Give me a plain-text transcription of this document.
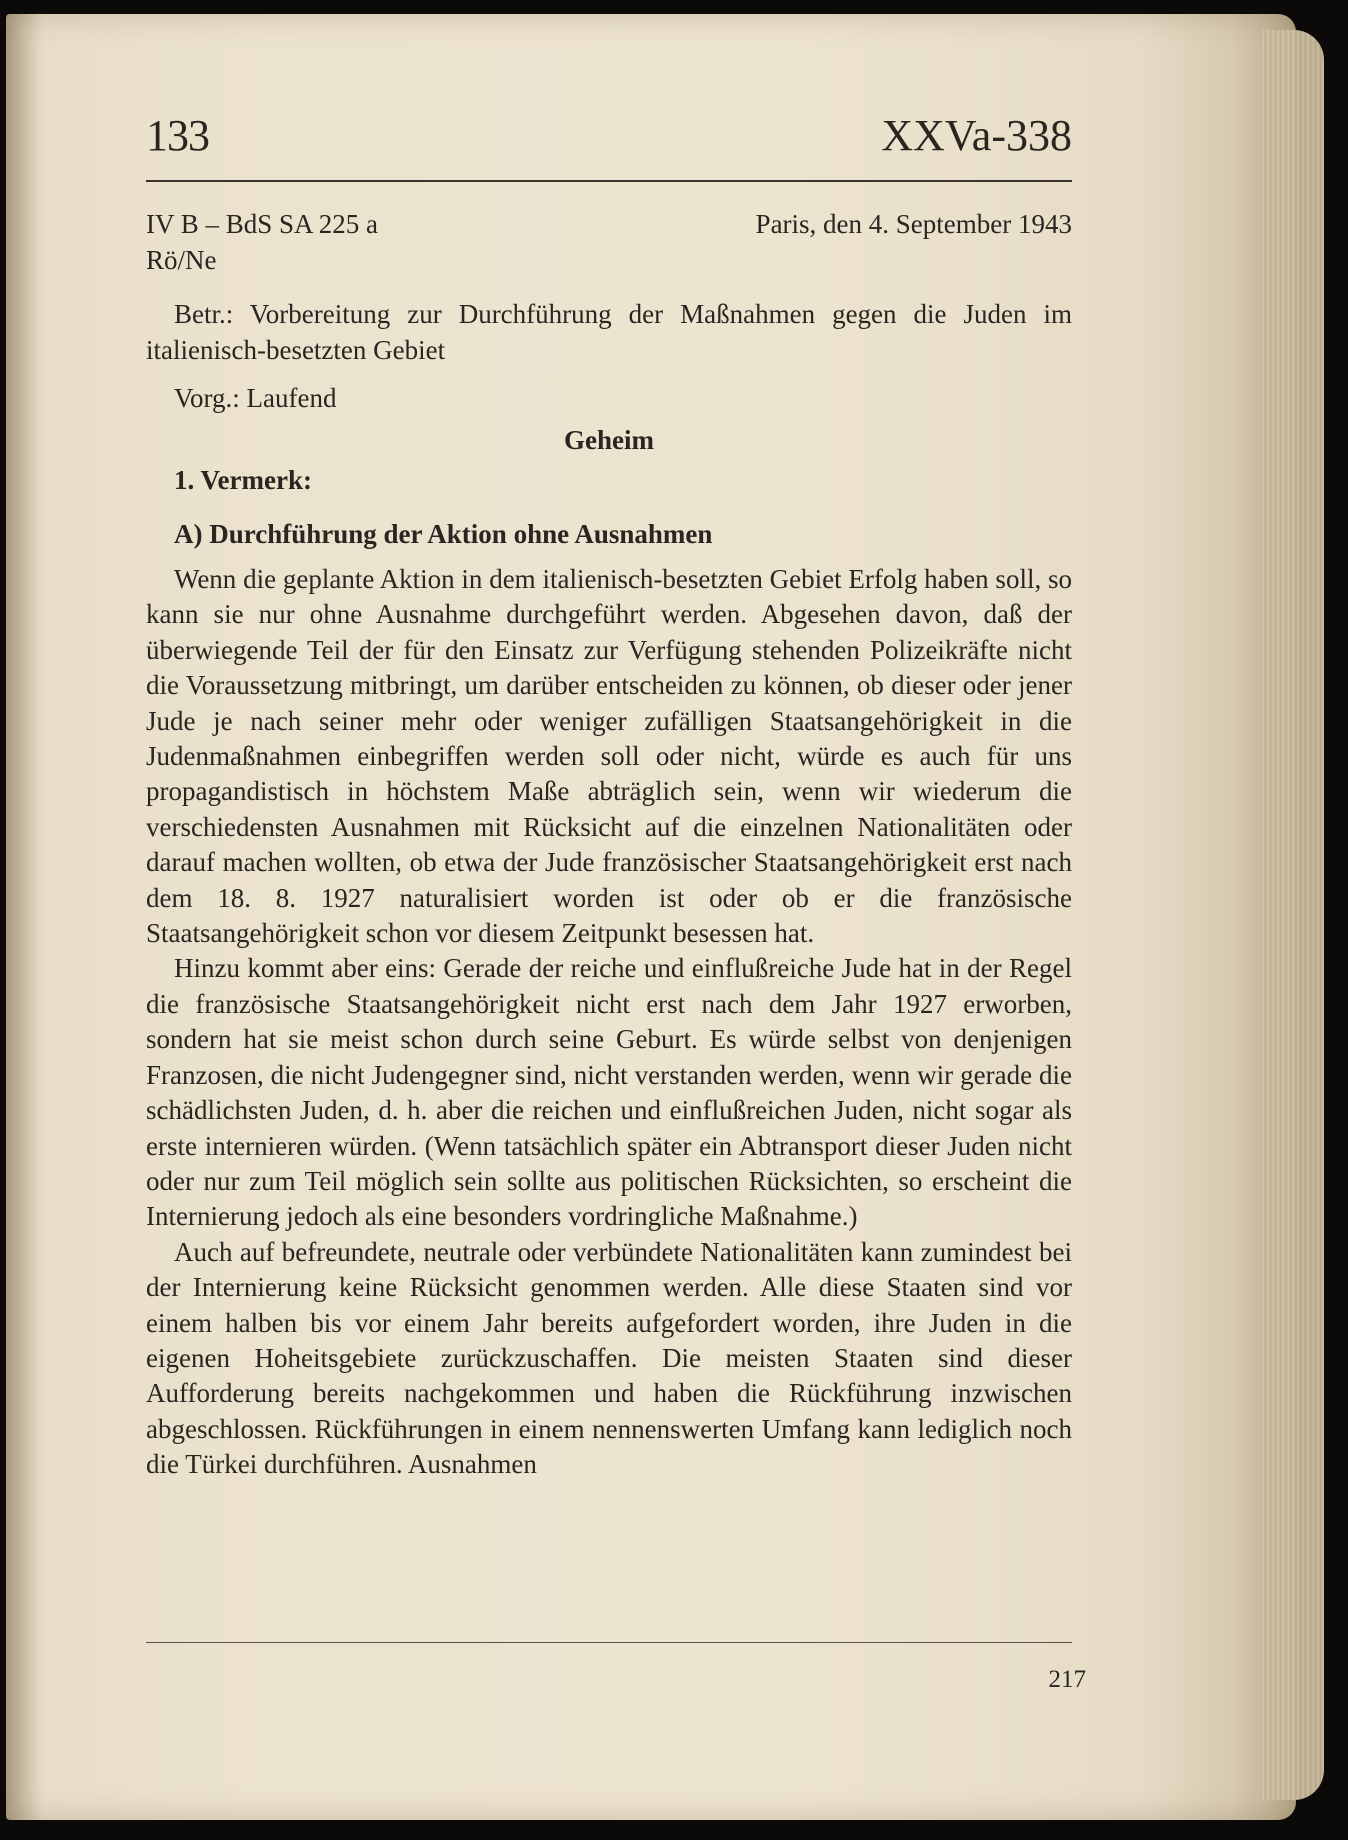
133	XXVa-338
IV B – BdS SA 225 a
Rö/Ne
Paris, den 4. September 1943
Betr.: Vorbereitung zur Durchführung der Maßnahmen gegen die Juden im italienisch-besetzten Gebiet
Vorg.: Laufend
Geheim
1. Vermerk:
A) Durchführung der Aktion ohne Ausnahmen

Wenn die geplante Aktion in dem italienisch-besetzten Gebiet Erfolg haben soll, so kann sie nur ohne Ausnahme durchgeführt werden. Abgesehen davon, daß der überwiegende Teil der für den Einsatz zur Verfügung stehenden Polizeikräfte nicht die Voraussetzung mitbringt, um darüber entscheiden zu können, ob dieser oder jener Jude je nach seiner mehr oder weniger zufälligen Staatsangehörigkeit in die Judenmaßnahmen einbegriffen werden soll oder nicht, würde es auch für uns propagandistisch in höchstem Maße abträglich sein, wenn wir wiederum die verschiedensten Ausnahmen mit Rücksicht auf die einzelnen Nationalitäten oder darauf machen wollten, ob etwa der Jude französischer Staatsangehörigkeit erst nach dem 18. 8. 1927 naturalisiert worden ist oder ob er die französische Staatsangehörigkeit schon vor diesem Zeitpunkt besessen hat.

Hinzu kommt aber eins: Gerade der reiche und einflußreiche Jude hat in der Regel die französische Staatsangehörigkeit nicht erst nach dem Jahr 1927 erworben, sondern hat sie meist schon durch seine Geburt. Es würde selbst von denjenigen Franzosen, die nicht Judengegner sind, nicht verstanden werden, wenn wir gerade die schädlichsten Juden, d. h. aber die reichen und einflußreichen Juden, nicht sogar als erste internieren würden. (Wenn tatsächlich später ein Abtransport dieser Juden nicht oder nur zum Teil möglich sein sollte aus politischen Rücksichten, so erscheint die Internierung jedoch als eine besonders vordringliche Maßnahme.)

Auch auf befreundete, neutrale oder verbündete Nationalitäten kann zumindest bei der Internierung keine Rücksicht genommen werden. Alle diese Staaten sind vor einem halben bis vor einem Jahr bereits aufgefordert worden, ihre Juden in die eigenen Hoheitsgebiete zurückzuschaffen. Die meisten Staaten sind dieser Aufforderung bereits nachgekommen und haben die Rückführung inzwischen abgeschlossen. Rückführungen in einem nennenswerten Umfang kann lediglich noch die Türkei durchführen. Ausnahmen

217
